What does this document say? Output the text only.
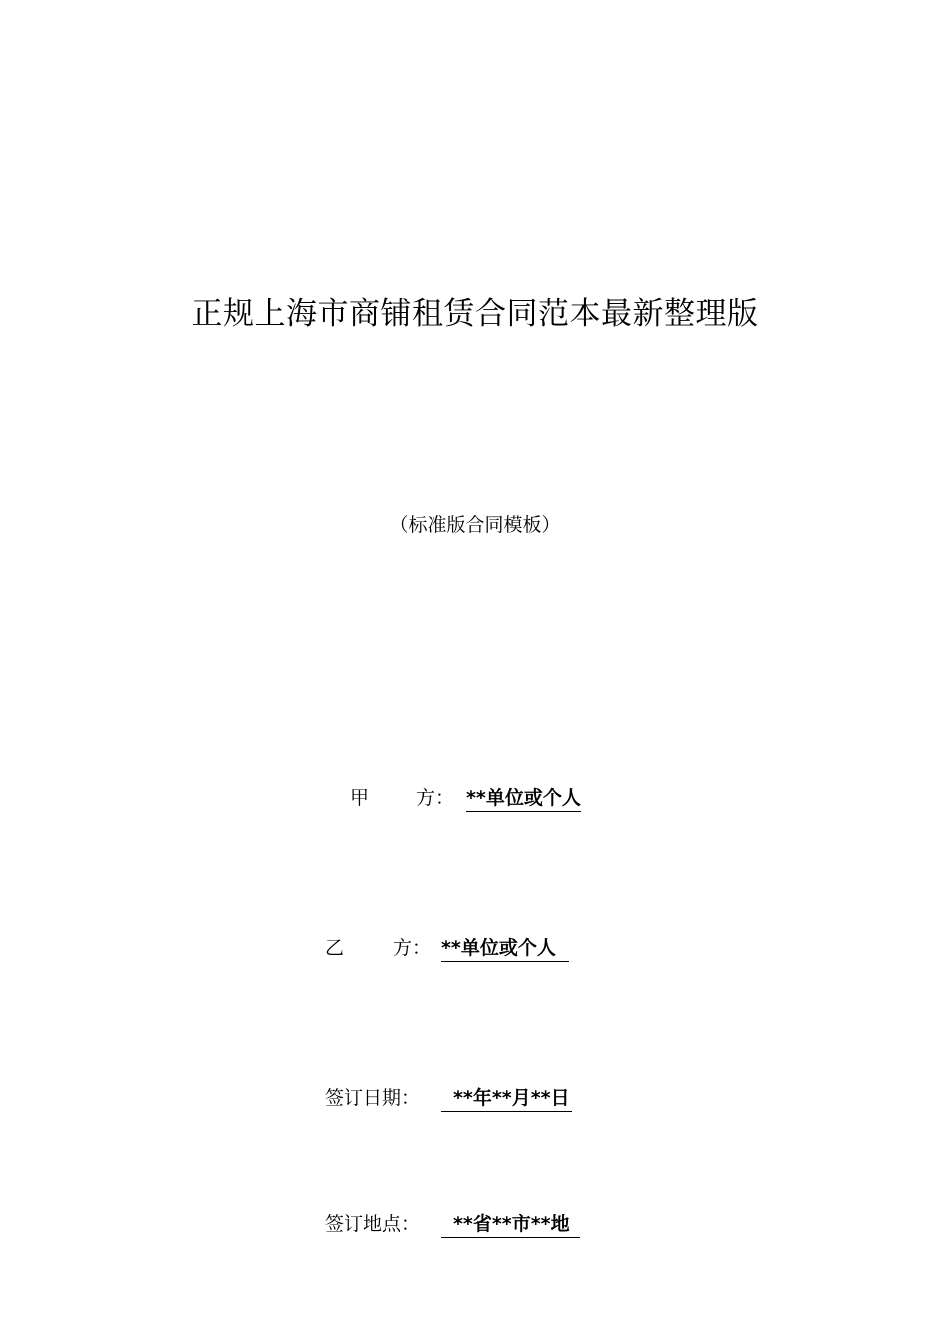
正规上海市商铺租赁合同范本最新整理版
（标准版合同模板）
甲 方： **单位或个人
乙	方： **单位或个人
签订日期： **年**月**日
签订地点： **省**市**地
